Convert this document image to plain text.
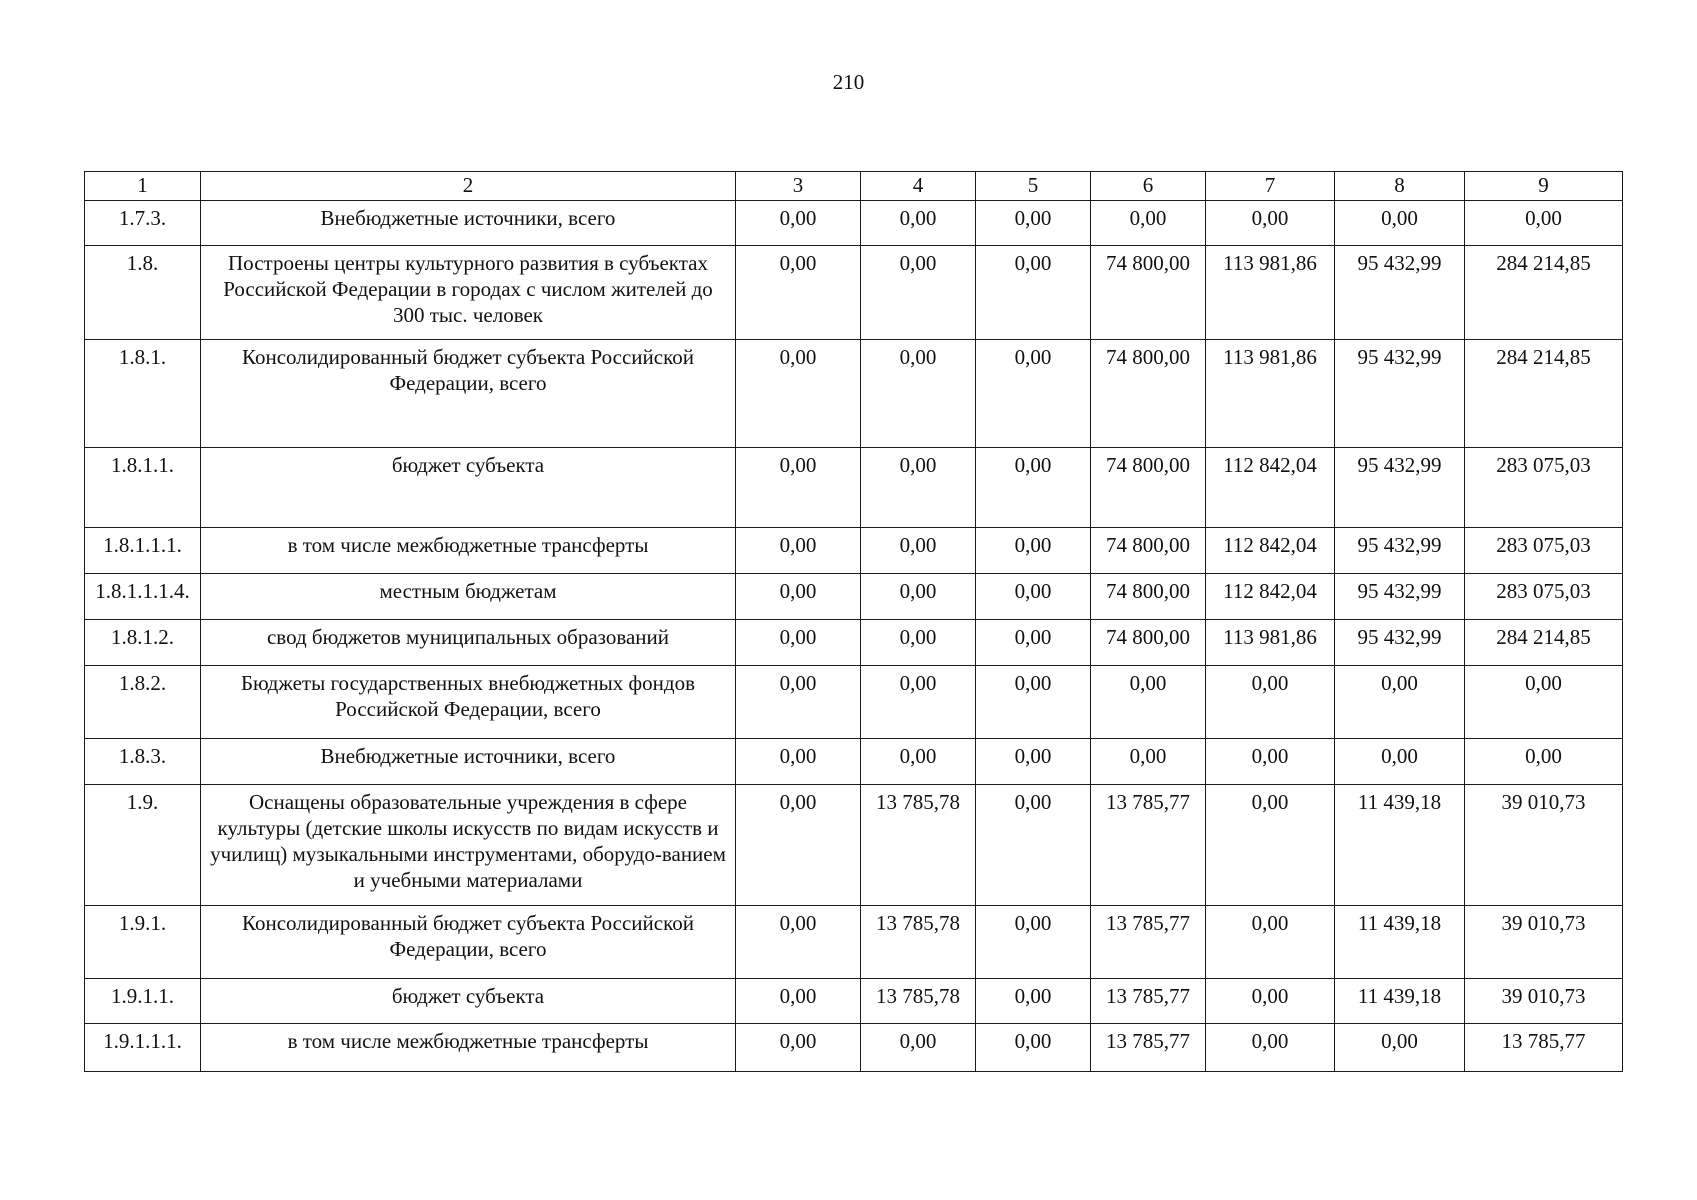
210
1	2	3	4	5	6	7	8	9
1.7.3.	Внебюджетные источники, всего	0,00	0,00	0,00	0,00	0,00	0,00	0,00
1.8.	Построены центры культурного развития в субъектах Российской Федерации в городах с числом жителей до 300 тыс. человек	0,00	0,00	0,00	74 800,00	113 981,86	95 432,99	284 214,85
1.8.1.	Консолидированный бюджет субъекта Российской Федерации, всего	0,00	0,00	0,00	74 800,00	113 981,86	95 432,99	284 214,85
1.8.1.1.	бюджет субъекта	0,00	0,00	0,00	74 800,00	112 842,04	95 432,99	283 075,03
1.8.1.1.1.	в том числе межбюджетные трансферты	0,00	0,00	0,00	74 800,00	112 842,04	95 432,99	283 075,03
1.8.1.1.1.4.	местным бюджетам	0,00	0,00	0,00	74 800,00	112 842,04	95 432,99	283 075,03
1.8.1.2.	свод бюджетов муниципальных образований	0,00	0,00	0,00	74 800,00	113 981,86	95 432,99	284 214,85
1.8.2.	Бюджеты государственных внебюджетных фондов Российской Федерации, всего	0,00	0,00	0,00	0,00	0,00	0,00	0,00
1.8.3.	Внебюджетные источники, всего	0,00	0,00	0,00	0,00	0,00	0,00	0,00
1.9.	Оснащены образовательные учреждения в сфере культуры (детские школы искусств по видам искусств и училищ) музыкальными инструментами, оборудо-ванием и учебными материалами	0,00	13 785,78	0,00	13 785,77	0,00	11 439,18	39 010,73
1.9.1.	Консолидированный бюджет субъекта Российской Федерации, всего	0,00	13 785,78	0,00	13 785,77	0,00	11 439,18	39 010,73
1.9.1.1.	бюджет субъекта	0,00	13 785,78	0,00	13 785,77	0,00	11 439,18	39 010,73
1.9.1.1.1.	в том числе межбюджетные трансферты	0,00	0,00	0,00	13 785,77	0,00	0,00	13 785,77
